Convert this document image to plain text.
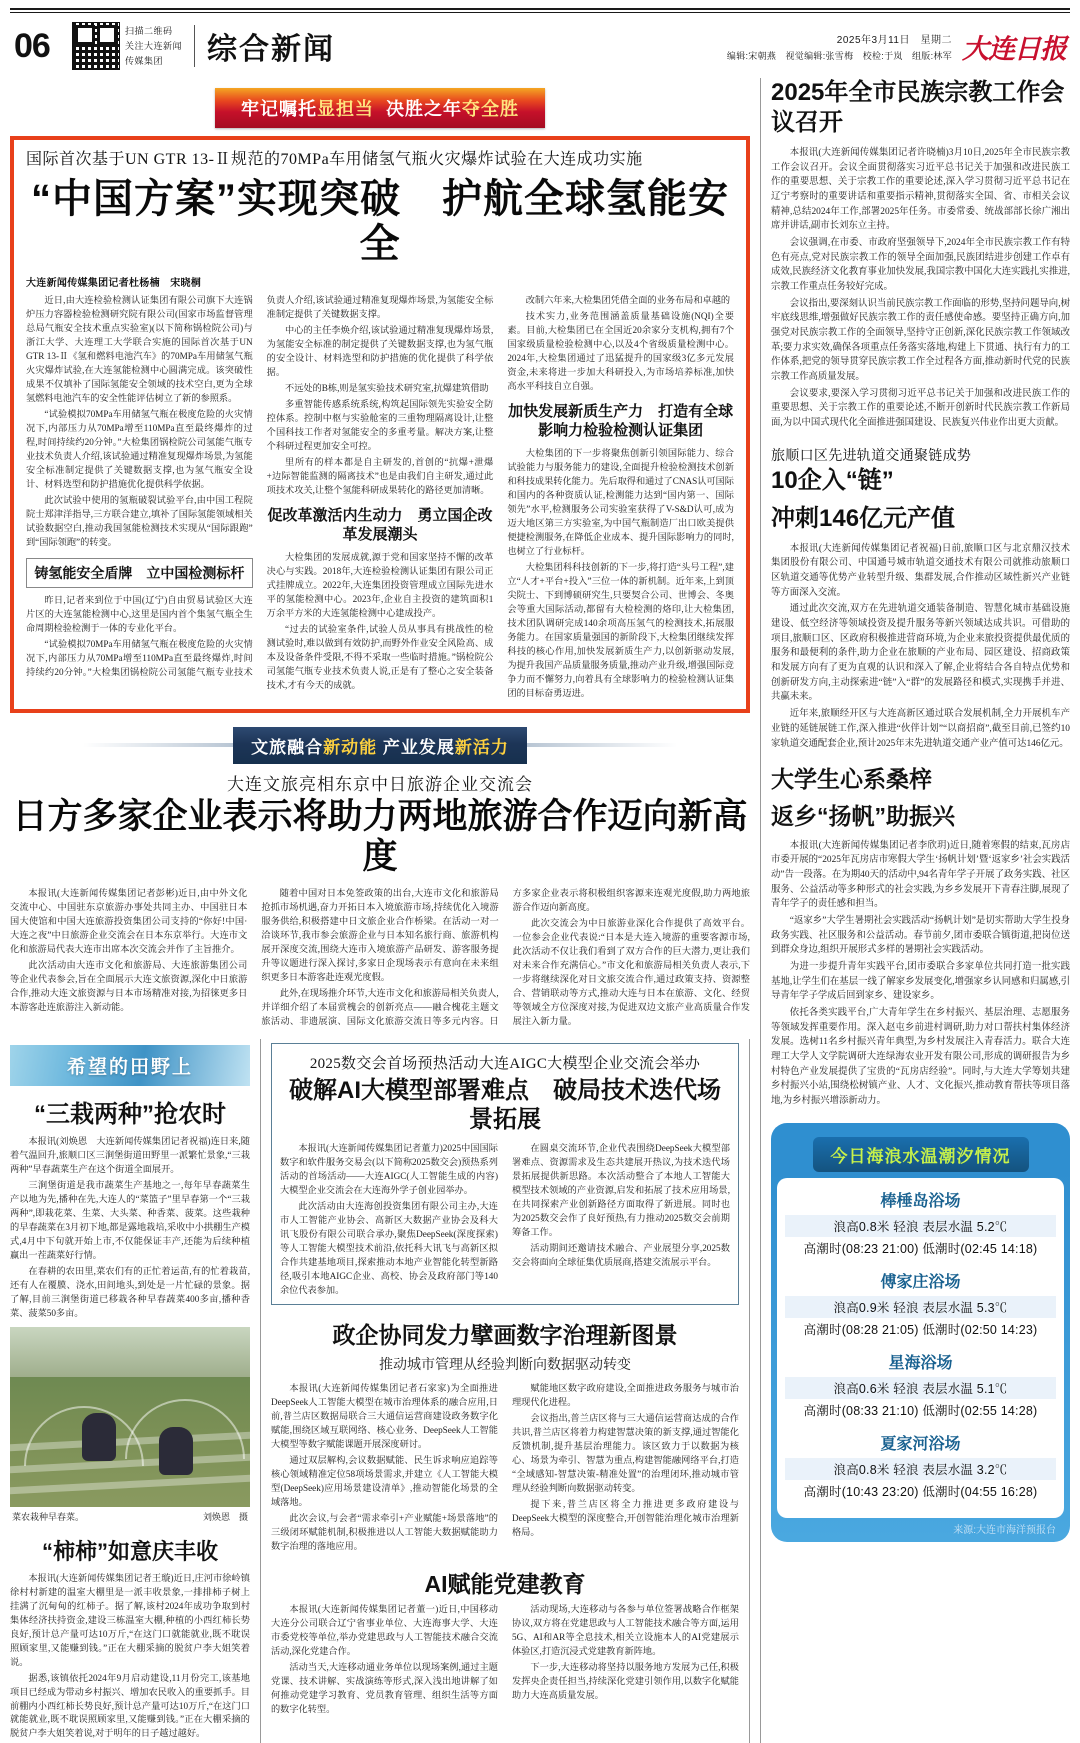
06	扫描二维码
关注大连新闻
传媒集团	综合新闻	2025年3月11日　星期二
编辑:宋朝燕　视觉编辑:张雪梅　校检:于岚　组版:林军 大连日报
牢记嘱托显担当 决胜之年夺全胜
国际首次基于UN GTR 13-Ⅱ规范的70MPa车用储氢气瓶火灾爆炸试验在大连成功实施
“中国方案”实现突破　护航全球氢能安全
大连新闻传媒集团记者杜杨楠　宋晓桐

近日,由大连检验检测认证集团有限公司旗下大连锅炉压力容器检验检测研究院有限公司(国家市场监督管理总局气瓶安全技术重点实验室)(以下简称锅检院公司)与浙江大学、大连理工大学联合实施的国际首次基于UN GTR 13-Ⅱ《氢和燃料电池汽车》的70MPa车用储氢气瓶火灾爆炸试验,在大连氢能检测中心圆满完成。该突破性成果不仅填补了国际氢能安全领域的技术空白,更为全球氢燃料电池汽车的安全性能评估树立了新的参照系。

“试验模拟70MPa车用储氢气瓶在极度危险的火灾情况下,内部压力从70MPa增至110MPa直至最终爆炸的过程,时间持续约20分钟。”大检集团锅检院公司氢能气瓶专业技术负责人介绍,该试验通过精准复现爆炸场景,为氢能安全标准制定提供了关键数据支撑,也为氢气瓶安全设计、材料选型和防护措施优化提供科学依据。

此次试验中使用的氢瓶破裂试验平台,由中国工程院院士郑津洋指导,三方联合建立,填补了国际氢能领域相关试验数据空白,推动我国氢能检测技术实现从“国际跟跑”到“国际领跑”的转变。

铸氢能安全盾牌　立中国检测标杆

昨日,记者来到位于中国(辽宁)自由贸易试验区大连片区的大连氢能检测中心,这里是国内首个集氢气瓶全生命周期检验检测于一体的专业化平台。

“试验模拟70MPa车用储氢气瓶在极度危险的火灾情况下,内部压力从70MPa增至110MPa直至最终爆炸,时间持续约20分钟。”大检集团锅检院公司氢能气瓶专业技术负责人介绍,该试验通过精准复现爆炸场景,为氢能安全标准制定提供了关键数据支撑。

中心的主任李焕介绍,该试验通过精准复现爆炸场景,为氢能安全标准的制定提供了关键数据支撑,也为氢气瓶的安全设计、材料选型和防护措施的优化提供了科学依据。

不远处的B栋,则是氢实验技术研究室,抗爆建筑借助

多重智能传感系统系统,构筑起国际领先实验安全防控体系。控制中枢与实验舱室的三重物理隔离设计,让整个国科技工作者对氢能安全的多重考量。解决方案,让整个科研过程更加安全可控。

里所有的样本都是自主研发的,首创的“抗爆+泄爆+边际智能监测的隔离技术”也是由我们自主研发,通过此项技术攻关,让整个氢能科研成果转化的路径更加清晰。

促改革激活内生动力　勇立国企改革发展潮头

大检集团的发展成就,源于党和国家坚持不懈的改革决心与实践。2018年,大连检验检测认证集团有限公司正式挂牌成立。2022年,大连集团投资管理成立国际先进水平的氢能检测中心。2023年,企业自主投资的建筑面积1万余平方米的大连氢能检测中心建成投产。

“过去的试验室条件,试验人员从事具有挑战性的检测试验时,难以做到有效防护,而野外作业安全风险高、成本及设备条件受限,不得不采取一些临时措施。”锅检院公司氢能气瓶专业技术负责人说,正是有了整心之安全装备技术,才有今天的成就。

改制六年来,大检集团凭借全面的业务布局和卓越的

技术实力,业务范围涵盖质量基础设施(NQI)全要素。目前,大检集团已在全国近20余家分支机构,拥有7个国家级质量检验检测中心,以及4个省级质量检测中心。2024年,大检集团通过了迅猛提升的国家级3亿多元发展资金,未来将进一步加大科研投入,为市场培养标准,加快高水平科技自立自强。

加快发展新质生产力　打造有全球影响力检验检测认证集团

大检集团的下一步将聚焦创新引领国际能力、综合试验能力与服务能力的建设,全面提升检验检测技术创新和科技成果转化能力。先后取得和通过了CNAS认可国际和国内的各种资质认证,检测能力达到“国内第一、国际领先”水平,检测服务公司实验室获得了V-S&D认可,成为迈大地区第三方实验室,为中国气瓶制造厂出口欧美提供便捷检测服务,在降低企业成本、提升国际影响力的同时,也树立了行业标杆。

大检集团科科技创新的下一步,将打造“头号工程”,建立“人才+平台+投入”三位一体的新机制。近年来,上到顶尖院士、下到博硕研究生,只要契合公司、世博会、冬奥会等重大国际活动,都留有大检检测的烙印,让大检集团,技术团队调研完成140余项高压氢气的检测技术,拓展服务能力。在国家质量强国的新阶段下,大检集团继续发挥科技的核心作用,加快发展新质生产力,以创新驱动发展,为提升我国产品质量服务质量,推动产业升级,增强国际竞争力而不懈努力,向着具有全球影响力的检验检测认证集团的目标奋勇迈进。

文旅融合新动能 产业发展新活力
大连文旅亮相东京中日旅游企业交流会
日方多家企业表示将助力两地旅游合作迈向新高度

本报讯(大连新闻传媒集团记者彭彬)近日,由中外文化交流中心、中国驻东京旅游办事处共同主办、中国驻日本国大使馆和中国大连旅游投资集团公司支持的“你好!中国·大连之夜”中日旅游企业交流会在日本东京举行。大连市文化和旅游局代表大连市出席本次交流会并作了主旨推介。

此次活动由大连市文化和旅游局、大连旅游集团公司等企业代表参会,旨在全面展示大连文旅资源,深化中日旅游合作,推动大连文旅资源与日本市场精准对接,为招徕更多日本游客赴连旅游注入新动能。

随着中国对日本免签政策的出台,大连市文化和旅游局抢抓市场机遇,奋力开拓日本入境旅游市场,持续优化入境游服务供给,积极搭建中日文旅企业合作桥梁。在活动一对一洽谈环节,我市参会旅游企业与日本知名旅行商、旅游机构展开深度交流,围绕大连市入境旅游产品研发、游客服务提升等议题进行深入探讨,多家日企现场表示有意向在未来组织更多日本游客赴连观光度假。

此外,在现场推介环节,大连市文化和旅游局相关负责人,并详细介绍了本届赏槐会的创新亮点——融合槐花主题文旅活动、非遗展演、国际文化旅游交流日等多元内容。日方多家企业表示将积极组织客源来连观光度假,助力两地旅游合作迈向新高度。

此次交流会为中日旅游业深化合作提供了高效平台。一位参会企业代表说:“日本是大连入境游的重要客源市场,此次活动不仅让我们看到了双方合作的巨大潜力,更让我们对未来合作充满信心。”市文化和旅游局相关负责人表示,下一步将继续深化对日文旅交流合作,通过政策支持、资源整合、营销联动等方式,推动大连与日本在旅游、文化、经贸等领域全方位深度对接,为促进双边文旅产业高质量合作发展注入新力量。

希望的田野上
“三栽两种”抢农时

本报讯(刘焕恩　大连新闻传媒集团记者祝福)连日来,随着气温回升,旅顺口区三涧堡街道田野里一派繁忙景象,“三栽两种”早春蔬菜生产在这个街道全面展开。

三涧堡街道是我市蔬菜生产基地之一,每年早春蔬菜生产以地为先,播种在先,大连人的“菜篮子”里早春第一个“三栽两种”,即栽花菜、生菜、大头菜、种香菜、菠菜。这些栽种的早春蔬菜在3月初下地,都是露地栽培,采收中小拱棚生产模式,4月中下旬就开始上市,不仅能保证丰产,还能为后续种植赢出一茬蔬菜好行情。

在春耕的农田里,菜农们有的正忙着运苗,有的忙着栽苗,还有人在覆膜、浇水,田间地头,到处是一片忙碌的景象。据了解,目前三涧堡街道已移栽各种早春蔬菜400多亩,播种香菜、菠菜50多亩。

菜农栽种早春菜。	刘焕恩　摄
“柿柿”如意庆丰收

本报讯(大连新闻传媒集团记者王璇)近日,庄河市徐岭镇徐村村新建的温室大棚里是一派丰收景象,一排排柿子树上挂满了沉甸甸的红柿子。据了解,该村2024年成功争取到村集体经济扶持资金,建设三栋温室大棚,种植的小西红柿长势良好,预计总产量可达10万斤,“在这门口就能就业,既不耽误照顾家里,又能赚到钱。”正在大棚采摘的脱贫户李大姐笑着说。

据悉,该镇依托2024年9月启动建设,11月份完工,该基地项目已经成为带动乡村振兴、增加农民收入的重要抓手。目前棚内小西红柿长势良好,预计总产量可达10万斤,“在这门口就能就业,既不耽误照顾家里,又能赚到钱。”正在大棚采摘的脱贫户李大姐笑着说,对于明年的日子越过越好。

2025数交会首场预热活动大连AIGC大模型企业交流会举办
破解AI大模型部署难点　破局技术迭代场景拓展

本报讯(大连新闻传媒集团记者董力)2025中国国际数字和软件服务交易会(以下简称2025数交会)预热系列活动的首场活动——大连AIGC(人工智能生成的内容)大模型企业交流会在大连海外学子创业园举办。

此次活动由大连海创投资集团有限公司主办,大连市人工智能产业协会、高新区大数据产业协会及科大讯飞股份有限公司联合承办,聚焦DeepSeek(深度探索)等人工智能大模型技术前沿,依托科大讯飞与高新区拟合作共建基地项目,探索推动本地产业智能化转型新路径,吸引本地AIGC企业、高校、协会及政府部门等140余位代表参加。

在圆桌交流环节,企业代表围绕DeepSeek大模型部署难点、资源需求及生态共建展开热议,为技术迭代场景拓展提供新思路。本次活动整合了本地人工智能大模型技术领域的产业资源,启发和拓展了技术应用场景,在共同探索产业创新路径方面取得了新进展。同时也为2025数交会作了良好预热,有力推动2025数交会前期筹备工作。

活动期间还邀请技术融合、产业展望分享,2025数交会将面向全球征集优质展商,搭建交流展示平台。

政企协同发力擘画数字治理新图景
推动城市管理从经验判断向数据驱动转变

本报讯(大连新闻传媒集团记者石家家)为全面推进DeepSeek人工智能大模型在城市治理体系的融合应用,日前,普兰店区数据局联合三大通信运营商建设政务数字化赋能,围绕区域互联网络、核心业务、DeepSeek人工智能大模型等数字赋能课题开展深度研讨。

通过双层解构,会议数据赋能、民生诉求响应追踪等核心领域精准定位58项场景需求,并建立《人工智能大模型(DeepSeek)应用场景建设清单》,推动智能化场景的全域落地。

此次会议,与会者“需求牵引+产业赋能+场景落地”的三级闭环赋能机制,积极推进以人工智能大数据赋能助力数字治理的落地应用。

赋能地区数字政府建设,全面推进政务服务与城市治理现代化进程。

会议指出,普兰店区将与三大通信运营商达成的合作共识,普兰店区将着力构建智慧决策的新支撑,通过智能化反馈机制,提升基层治理能力。该区致力于以数据为核心、场景为牵引、智慧为重点,构建智能融网络平台,打造“全域感知-智慧决策-精准处置”的治理闭环,推动城市管理从经验判断向数据驱动转变。

提下来,普兰店区将全力推进更多政府建设与DeepSeek大模型的深度整合,开创智能治理化城市治理新格局。

AI赋能党建教育

本报讯(大连新闻传媒集团记者董一)近日,中国移动大连分公司联合辽宁省事业单位、大连海事大学、大连市委党校等单位,举办党建思政与人工智能技术融合交流活动,深化党建合作。

活动当天,大连移动通业务单位以现场案例,通过主题党课、技术讲解、实战演练等形式,深入浅出地讲解了如何推动党建学习教育、党员教育管理、组织生活等方面的数字化转型。

活动现场,大连移动与各参与单位签署战略合作框架协议,双方将在党建思政与人工智能技术融合等方面,运用5G、AI和AR等全息技术,相关立设施本人的AI党建展示体验区,打造沉浸式党建教育新阵地。

下一步,大连移动将坚持以服务地方发展为己任,积极发挥央企责任担当,持续深化党建引领作用,以数字化赋能助力大连高质量发展。

2025年全市民族宗教工作会议召开

本报讯(大连新闻传媒集团记者许晓楠)3月10日,2025年全市民族宗教工作会议召开。会议全面贯彻落实习近平总书记关于加强和改进民族工作的重要思想、关于宗教工作的重要论述,深入学习贯彻习近平总书记在辽宁考察时的重要讲话和重要指示精神,贯彻落实全国、省、市相关会议精神,总结2024年工作,部署2025年任务。市委常委、统战部部长徐广湘出席并讲话,副市长刘东立主持。

会议强调,在市委、市政府坚强领导下,2024年全市民族宗教工作有特色有亮点,党对民族宗教工作的领导全面加强,民族团结进步创建工作卓有成效,民族经济文化教育事业加快发展,我国宗教中国化大连实践扎实推进,宗教工作重点任务较好完成。

会议指出,要深刻认识当前民族宗教工作面临的形势,坚持问题导向,树牢底线思维,增强做好民族宗教工作的责任感使命感。要坚持正确方向,加强党对民族宗教工作的全面领导,坚持守正创新,深化民族宗教工作领域改革;要力求实效,确保各项重点任务落实落地,构建上下贯通、执行有力的工作体系,把党的领导贯穿民族宗教工作全过程各方面,推动新时代党的民族宗教工作高质量发展。

会议要求,要深入学习贯彻习近平总书记关于加强和改进民族工作的重要思想、关于宗教工作的重要论述,不断开创新时代民族宗教工作新局面,为以中国式现代化全面推进强国建设、民族复兴伟业作出更大贡献。

旅顺口区先进轨道交通聚链成势
10企入“链”
冲刺146亿元产值

本报讯(大连新闻传媒集团记者祝福)日前,旅顺口区与北京鼎汉技术集团股份有限公司、中国通号城市轨道交通技术有限公司就推动旅顺口区轨道交通等优势产业转型升级、集群发展,合作推动区域性新兴产业链等方面深入交流。

通过此次交流,双方在先进轨道交通装备制造、智慧化城市基础设施建设、低空经济等领域投资及提升服务等新兴领域达成共识。可借助的项目,旅顺口区、区政府积极推进营商环境,为企业来旅投资提供最优质的服务和最便利的条件,助力企业在旅顺的产业布局、园区建设、招商政策和发展方向有了更为直观的认识和深入了解,企业将结合各自特点优势和创新研发方向,主动探索进“链”入“群”的发展路径和模式,实现携手并进、共赢未来。

近年来,旅顺经开区与大连高新区通过联合发展机制,全力开展机车产业链的延链展链工作,深入推进“伙伴计划”“以商招商”,截至目前,已签约10家轨道交通配套企业,预计2025年末先进轨道交通产业产值可达146亿元。

大学生心系桑梓
返乡“扬帆”助振兴

本报讯(大连新闻传媒集团记者李欣玥)近日,随着寒假的结束,瓦房店市委开展的“2025年瓦房店市寒假大学生‘扬帆计划’暨‘返家乡’社会实践活动”告一段落。在为期40天的活动中,94名青年学子开展了政务实践、社区服务、公益活动等多种形式的社会实践,为乡乡发展开下青春注脚,展现了青年学子的责任感和担当。

“返家乡”大学生暑期社会实践活动“扬帆计划”是切实帮助大学生投身政务实践、社区服务和公益活动。春节前夕,团市委联合镇街道,把岗位送到群众身边,组织开展形式多样的暑期社会实践活动。

为进一步提升青年实践平台,团市委联合多家单位共同打造一批实践基地,让学生们在基层一线了解家乡发展变化,增强家乡认同感和归属感,引导青年学子学成后回到家乡、建设家乡。

依托各类实践平台,广大青年学生在乡村振兴、基层治理、志愿服务等领域发挥重要作用。深入赵屯乡前进村调研,助力对口帮扶村集体经济发展。选树11名乡村振兴青年典型,为乡村发展注入青春活力。联合大连理工大学人文学院调研大连绿海农业开发有限公司,形成的调研报告为乡村特色产业发展提供了宝贵的“瓦房店经验”。同时,与大连大学筹划共建乡村振兴小站,围绕松树镇产业、人才、文化振兴,推动教育帮扶等项目落地,为乡村振兴增添新动力。

今日海浪水温潮汐情况
棒棰岛浴场
浪高0.8米 轻浪 表层水温 5.2℃
高潮时(08:23 21:00) 低潮时(02:45 14:18)
傅家庄浴场
浪高0.9米 轻浪 表层水温 5.3℃
高潮时(08:28 21:05) 低潮时(02:50 14:23)
星海浴场
浪高0.6米 轻浪 表层水温 5.1℃
高潮时(08:33 21:10) 低潮时(02:55 14:28)
夏家河浴场
浪高0.8米 轻浪 表层水温 3.2℃
高潮时(10:43 23:20) 低潮时(04:55 16:28)
来源:大连市海洋预报台
